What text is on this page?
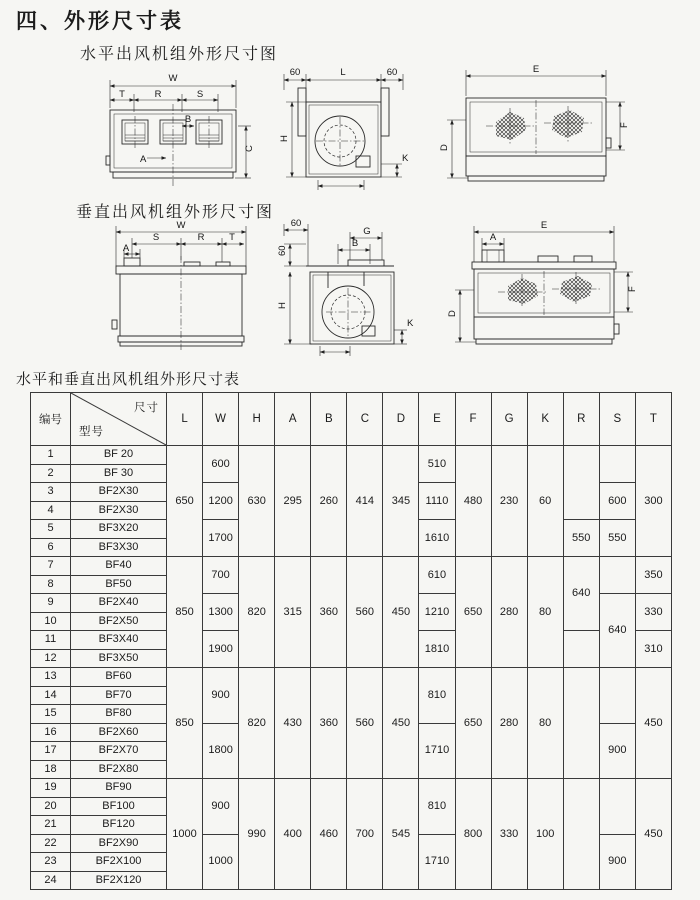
四、外形尺寸表
水平出风机组外形尺寸图
W
T	R	S
B
A
C
60	L	60
H
K
E
F
D
垂直出风机组外形尺寸图
W
S	R	T
A
60
G
B
60
H
K
E
A
F
D
水平和垂直出风机组外形尺寸表
编号	尺寸
型号	L	W	H	A	B	C	D	E	F	G	K	R	S	T
1	BF 20	650	600	630	295	260	414	345	510	480	230	60			300
2	BF 30														
3	BF2X30		1200						1110					600	
4	BF2X30														
5	BF3X20		1700						1610				550	550	
6	BF3X30														
7	BF40	850	700	820	315	360	560	450	610	650	280	80	640		350
8	BF50														
9	BF2X40		1300						1210					640	330
10	BF2X50														
11	BF3X40		1900						1810						310
12	BF3X50														
13	BF60	850	900	820	430	360	560	450	810	650	280	80			450
14	BF70														
15	BF80														
16	BF2X60		1800						1710					900	
17	BF2X70														
18	BF2X80														
19	BF90	1000	900	990	400	460	700	545	810	800	330	100			450
20	BF100														
21	BF120														
22	BF2X90		1000						1710					900	
23	BF2X100														
24	BF2X120														
